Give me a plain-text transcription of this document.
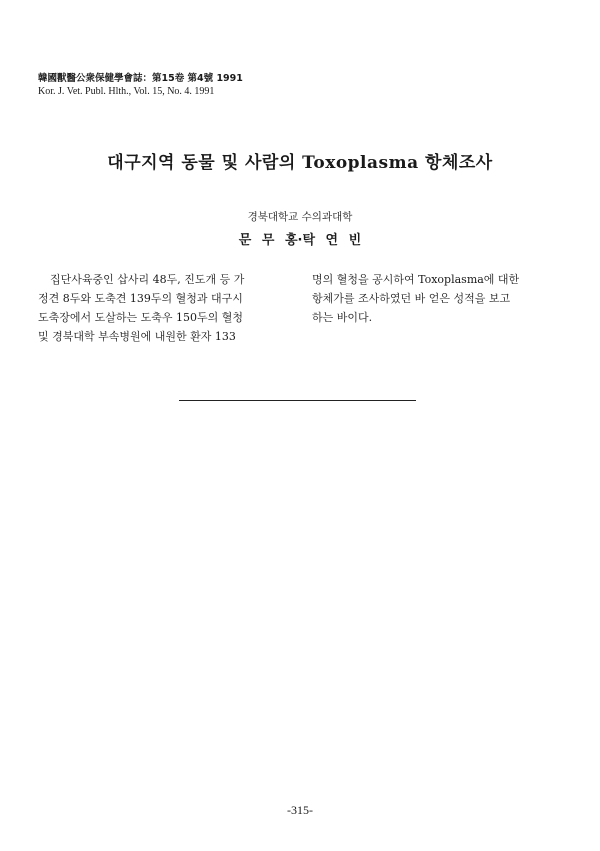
韓國獸醫公衆保健學會誌：第15卷 第4號 1991
Kor. J. Vet. Publ. Hlth., Vol. 15, No. 4. 1991
대구지역 동물 및 사람의 Toxoplasma 항체조사
경북대학교 수의과대학
문 무 홍·탁 연 빈

집단사육중인 삽사리 48두, 진도개 등 가

정견 8두와 도축견 139두의 혈청과 대구시

도축장에서 도살하는 도축우 150두의 혈청

및 경북대학 부속병원에 내원한 환자 133

명의 혈청을 공시하여 Toxoplasma에 대한

항체가를 조사하였던 바 얻은 성적을 보고

하는 바이다.

-315-
